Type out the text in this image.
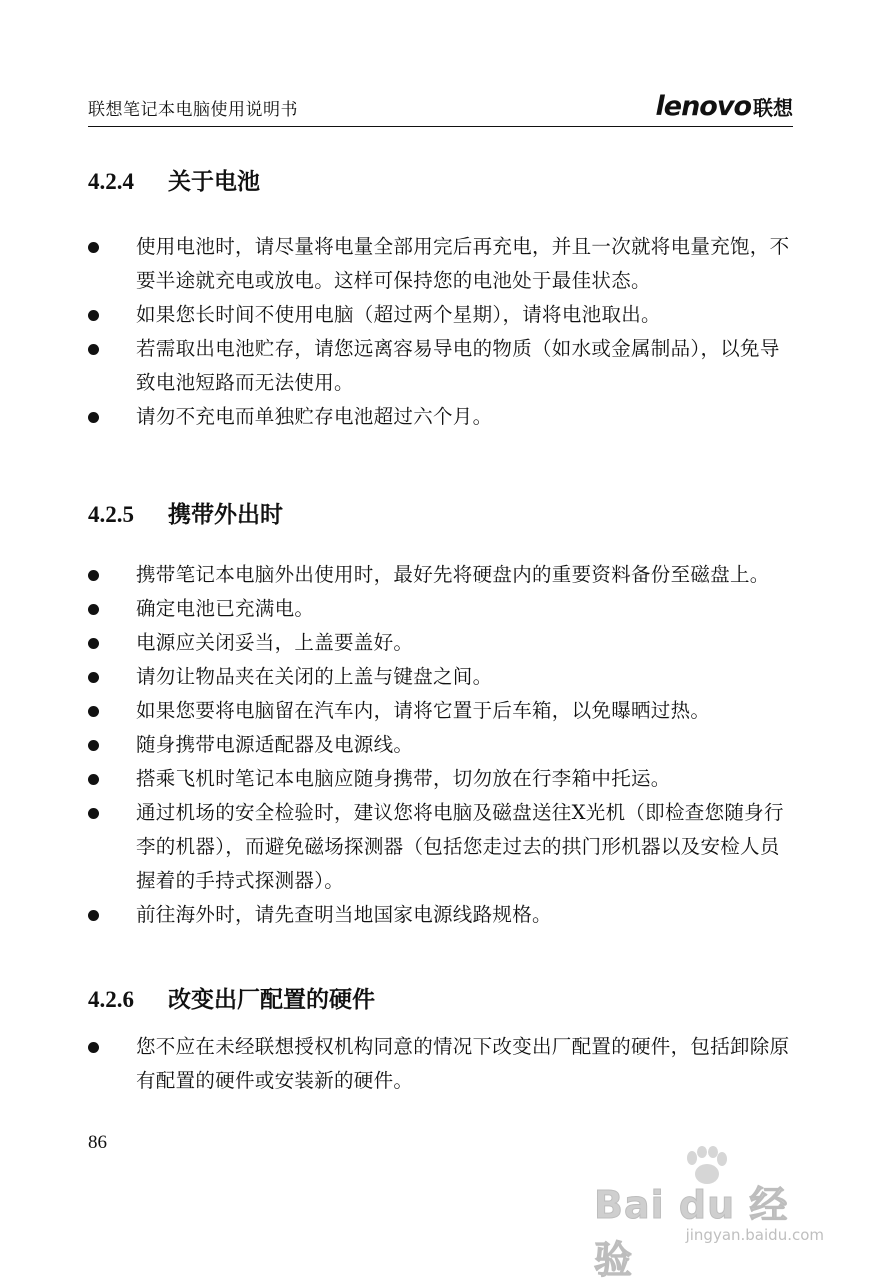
联想笔记本电脑使用说明书	lenovo 联想
4.2.4 关于电池
使用电池时，请尽量将电量全部用完后再充电，并且一次就将电量充饱，不要半途就充电或放电。这样可保持您的电池处于最佳状态。
如果您长时间不使用电脑（超过两个星期），请将电池取出。
若需取出电池贮存，请您远离容易导电的物质（如水或金属制品），以免导致电池短路而无法使用。
请勿不充电而单独贮存电池超过六个月。
4.2.5 携带外出时
携带笔记本电脑外出使用时，最好先将硬盘内的重要资料备份至磁盘上。
确定电池已充满电。
电源应关闭妥当，上盖要盖好。
请勿让物品夹在关闭的上盖与键盘之间。
如果您要将电脑留在汽车内，请将它置于后车箱，以免曝晒过热。
随身携带电源适配器及电源线。
搭乘飞机时笔记本电脑应随身携带，切勿放在行李箱中托运。
通过机场的安全检验时，建议您将电脑及磁盘送往X光机（即检查您随身行李的机器），而避免磁场探测器（包括您走过去的拱门形机器以及安检人员握着的手持式探测器）。
前往海外时，请先查明当地国家电源线路规格。
4.2.6 改变出厂配置的硬件
您不应在未经联想授权机构同意的情况下改变出厂配置的硬件，包括卸除原有配置的硬件或安装新的硬件。
86
Bai du 经验
jingyan.baidu.com
